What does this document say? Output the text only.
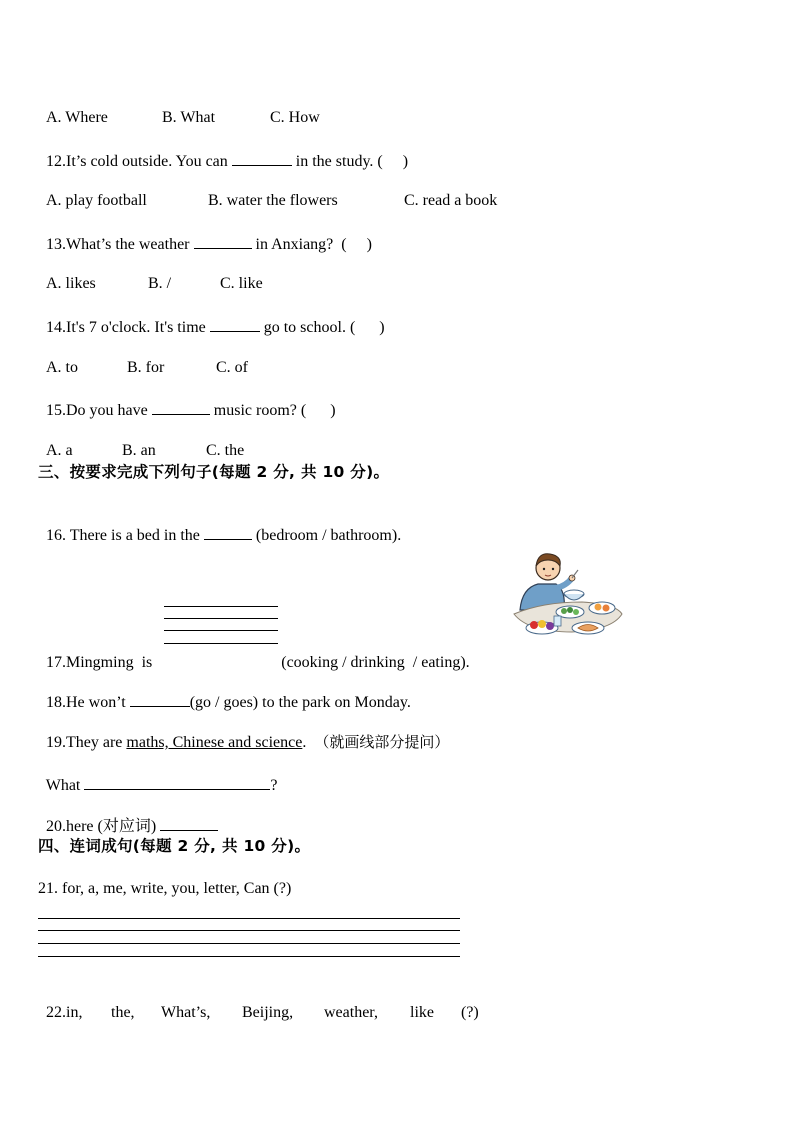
A. Where	B. What	C. How

12.It’s cold outside. You can	in the study. (     )

A. play football	B. water the flowers	C. read a book

13.What’s the weather	in Anxiang?  (     )

A. likes	B. /	C. like

14.It's 7 o'clock. It's time	go to school. (      )

A. to	B. for	C. of

15.Do you have	music room? (      )

A. a	B. an	C. the

三、按要求完成下列句子(每题 2 分, 共 10 分)。

16. There is a bed in the	(bedroom / bathroom).

17.Mingming  is	(cooking / drinking  / eating).

18.He won’t	(go / goes) to the park on Monday.

19.They are maths, Chinese and science.  （就画线部分提问）

What	?

20.here (对应词)

四、连词成句(每题 2 分, 共 10 分)。
21. for, a, me, write, you, letter, Can (?)

22.in, the, What’s, Beijing, weather, like (?)
